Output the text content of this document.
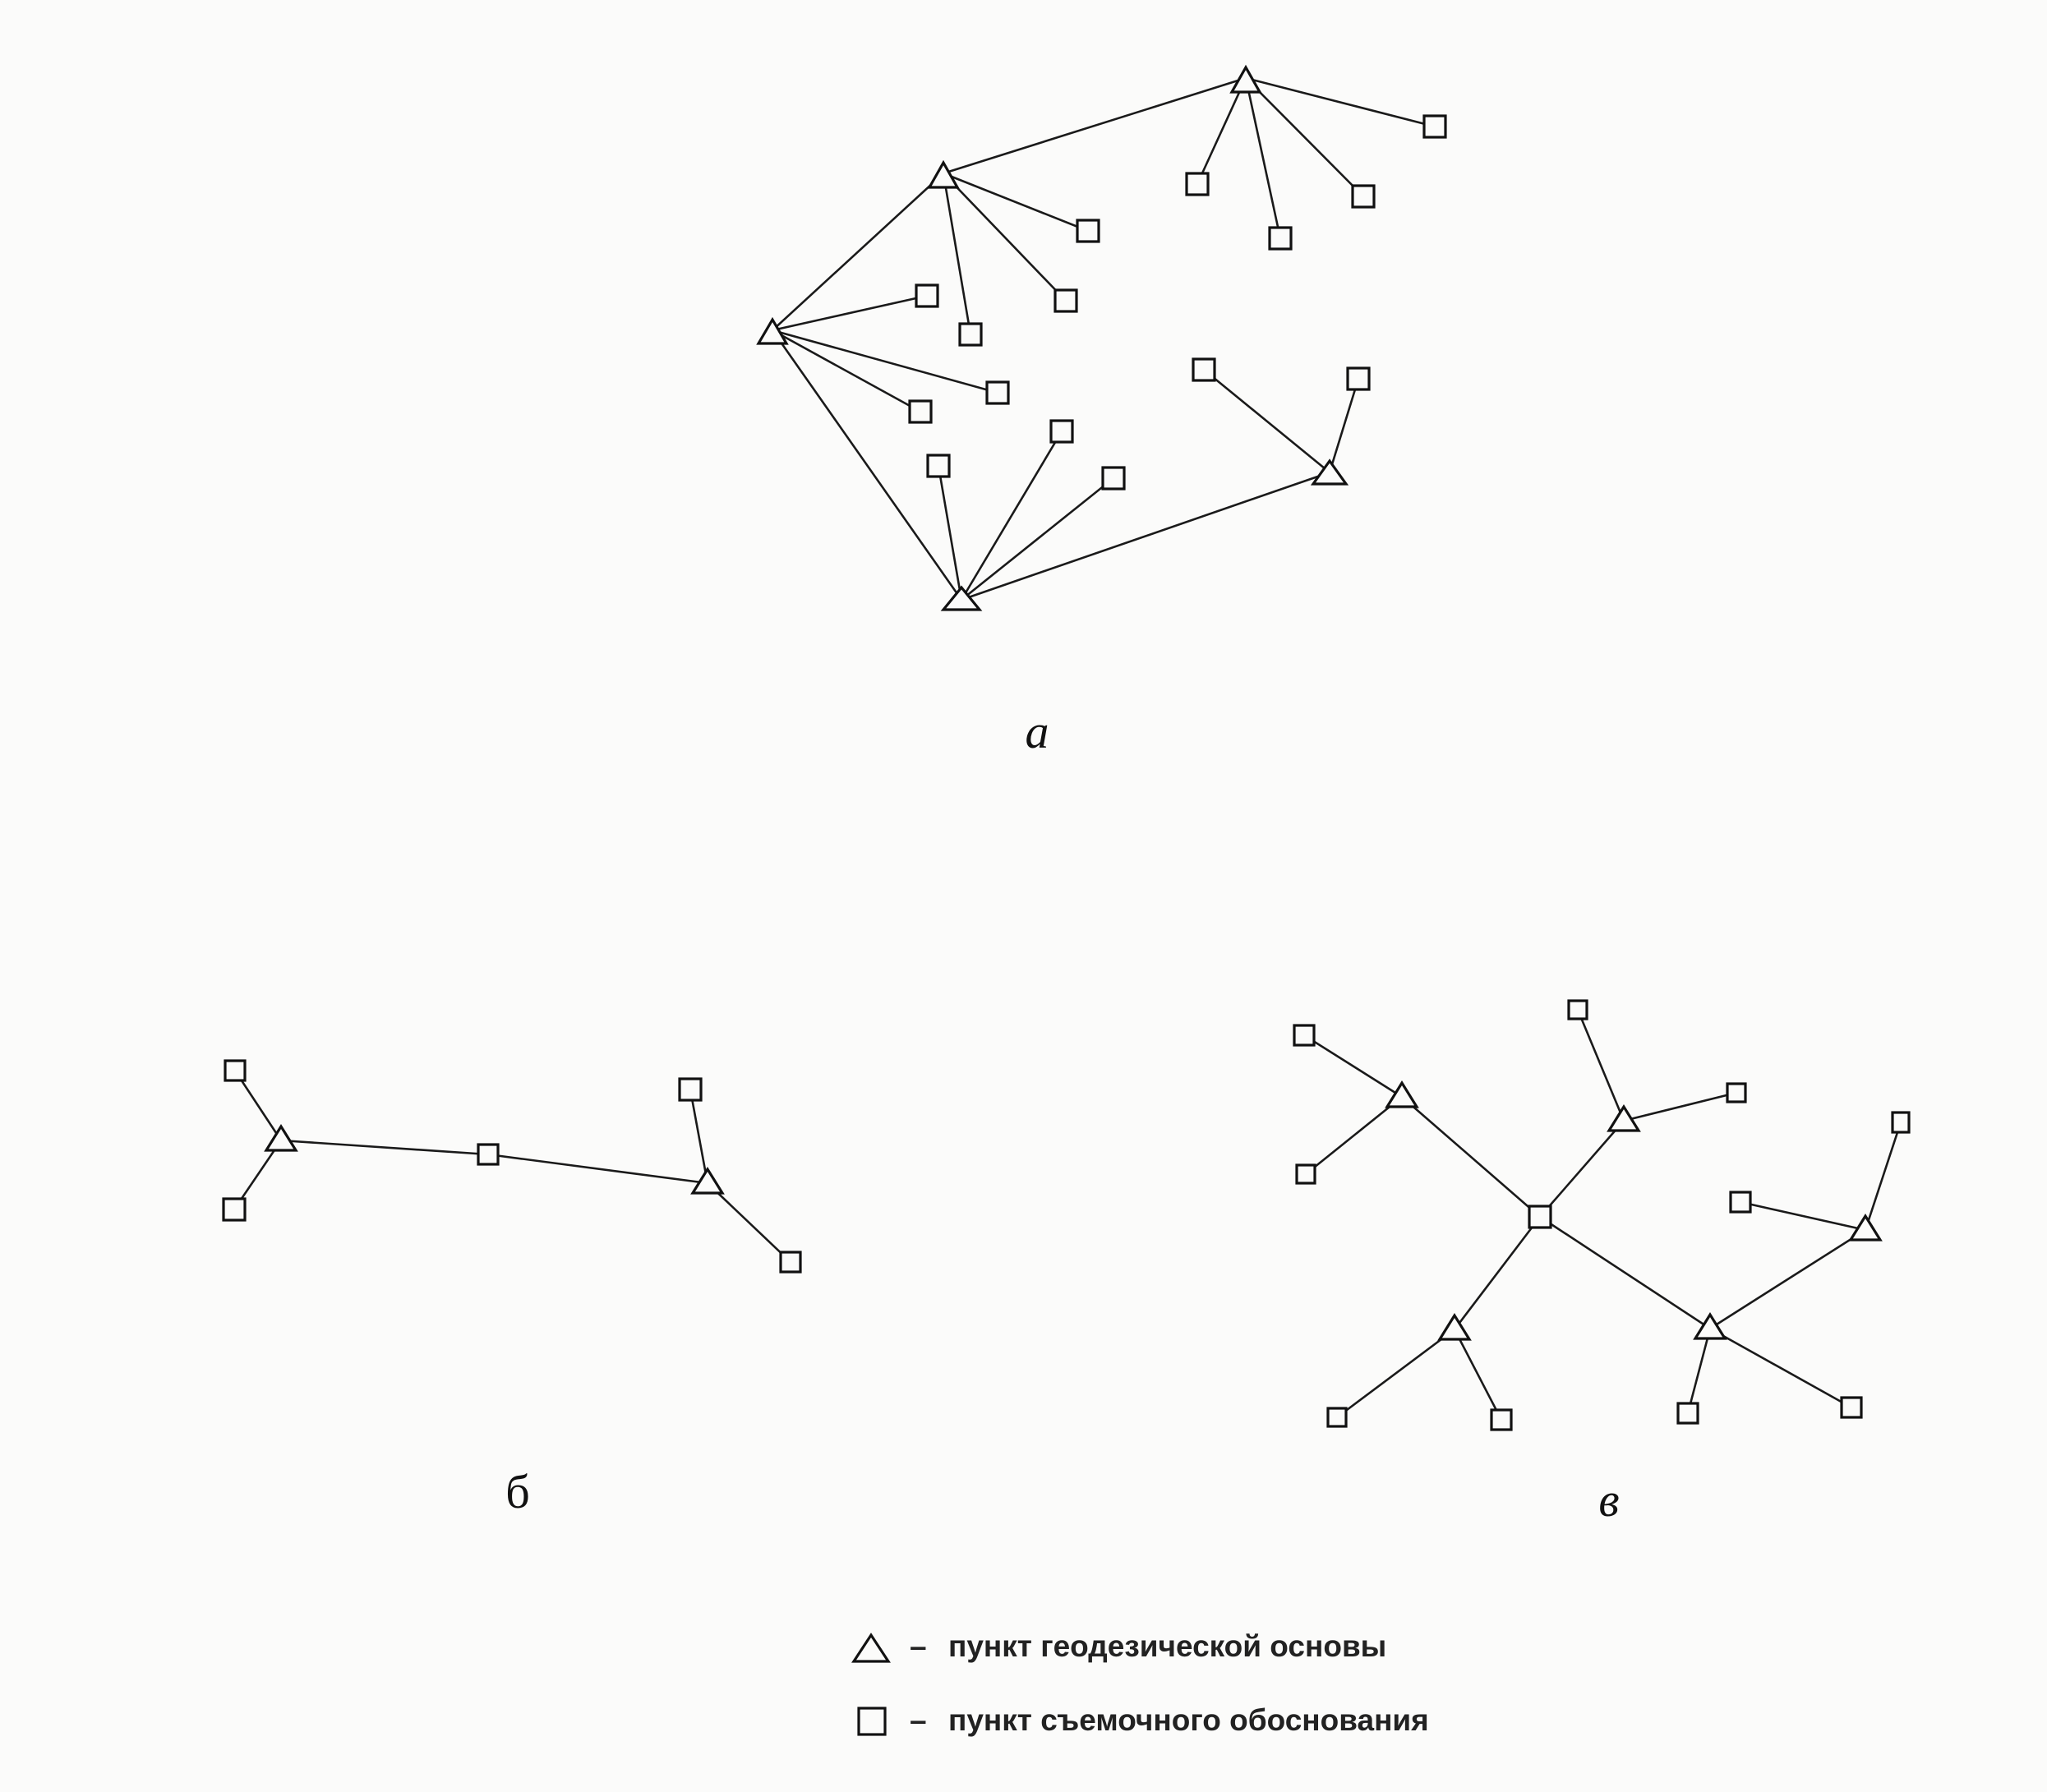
а
б	в
– пункт геодезической основы
– пункт съемочного обоснования
